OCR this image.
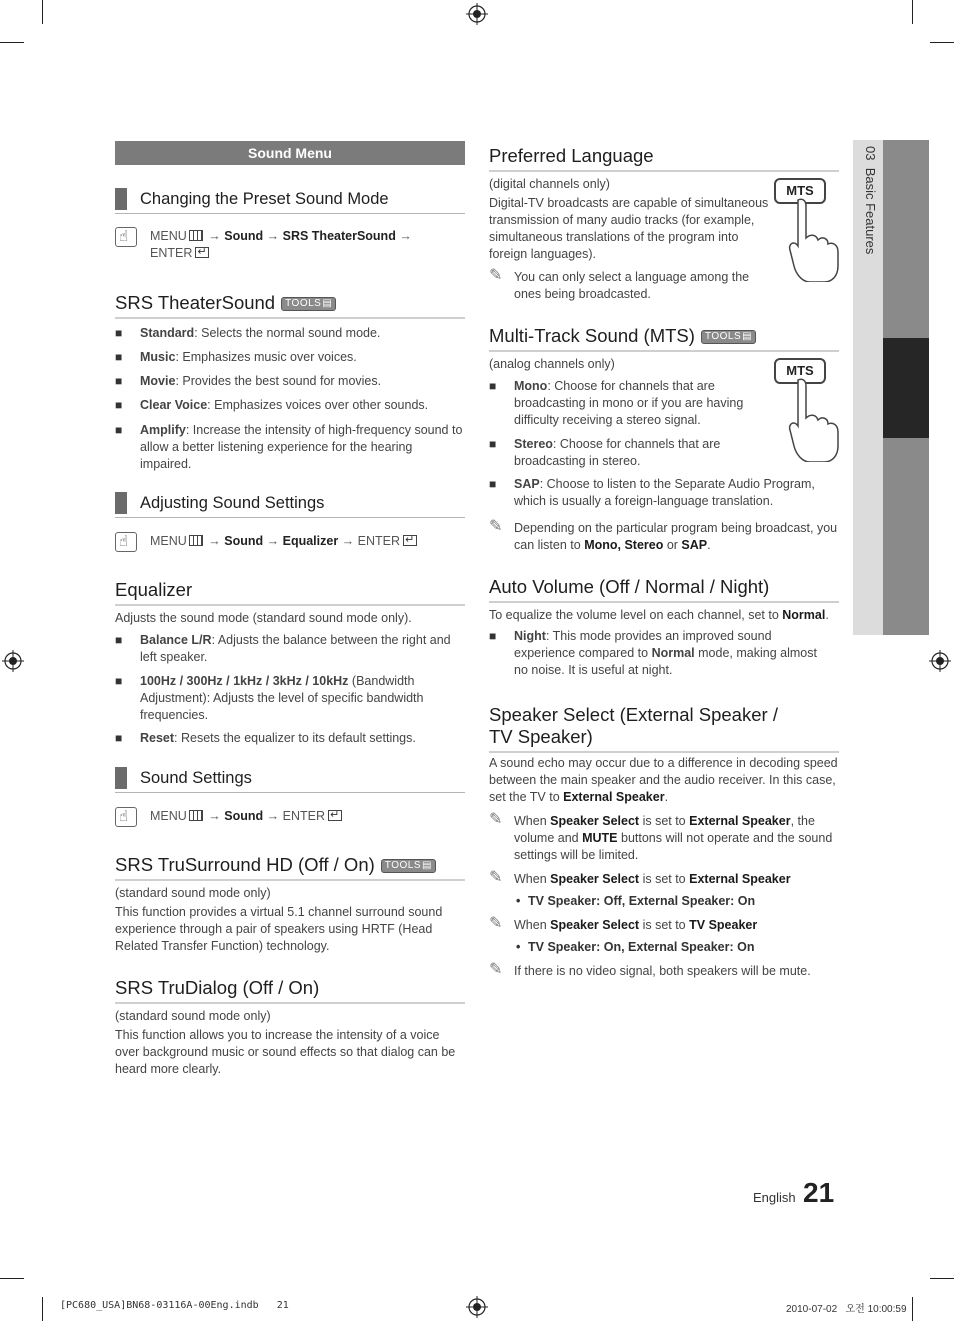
03  Basic Features
Sound Menu
Changing the Preset Sound Mode
☝
MENU → Sound → SRS TheaterSound →
ENTER↵
SRS TheaterSound TOOLS ▤
■ Standard: Selects the normal sound mode.
■ Music: Emphasizes music over voices.
■ Movie: Provides the best sound for movies.
■ Clear Voice: Emphasizes voices over other sounds.
■ Amplify: Increase the intensity of high-frequency sound to allow a better listening experience for the hearing impaired.
Adjusting Sound Settings
☝
MENU → Sound → Equalizer → ENTER↵
Equalizer
Adjusts the sound mode (standard sound mode only).
■ Balance L/R: Adjusts the balance between the right and left speaker.
■ 100Hz / 300Hz / 1kHz / 3kHz / 10kHz (Bandwidth Adjustment): Adjusts the level of specific bandwidth frequencies.
■ Reset: Resets the equalizer to its default settings.
Sound Settings
☝
MENU → Sound → ENTER↵
SRS TruSurround HD (Off / On) TOOLS ▤
(standard sound mode only)
This function provides a virtual 5.1 channel surround sound experience through a pair of speakers using HRTF (Head Related Transfer Function) technology.
SRS TruDialog (Off / On)
(standard sound mode only)
This function allows you to increase the intensity of a voice over background music or sound effects so that dialog can be heard more clearly.
Preferred Language
(digital channels only)
Digital-TV broadcasts are capable of simultaneous transmission of many audio tracks (for example, simultaneous translations of the program into foreign languages).
✎ You can only select a language among the ones being broadcasted.
MTS
Multi-Track Sound (MTS) TOOLS ▤
(analog channels only)	MTS
■ Mono: Choose for channels that are broadcasting in mono or if you are having difficulty receiving a stereo signal.
■ Stereo: Choose for channels that are broadcasting in stereo.
■ SAP: Choose to listen to the Separate Audio Program, which is usually a foreign-language translation.
✎ Depending on the particular program being broadcast, you can listen to Mono, Stereo or SAP.
Auto Volume (Off / Normal / Night)
To equalize the volume level on each channel, set to Normal.
■ Night: This mode provides an improved sound experience compared to Normal mode, making almost no noise. It is useful at night.
Speaker Select (External Speaker /
TV Speaker)
A sound echo may occur due to a difference in decoding speed between the main speaker and the audio receiver. In this case, set the TV to External Speaker.
✎ When Speaker Select is set to External Speaker, the volume and MUTE buttons will not operate and the sound settings will be limited.
✎ When Speaker Select is set to External Speaker
• TV Speaker: Off, External Speaker: On
✎ When Speaker Select is set to TV Speaker
• TV Speaker: On, External Speaker: On
✎ If there is no video signal, both speakers will be mute.
English 21
[PC680_USA]BN68-03116A-00Eng.indb   21	2010-07-02   오전 10:00:59
